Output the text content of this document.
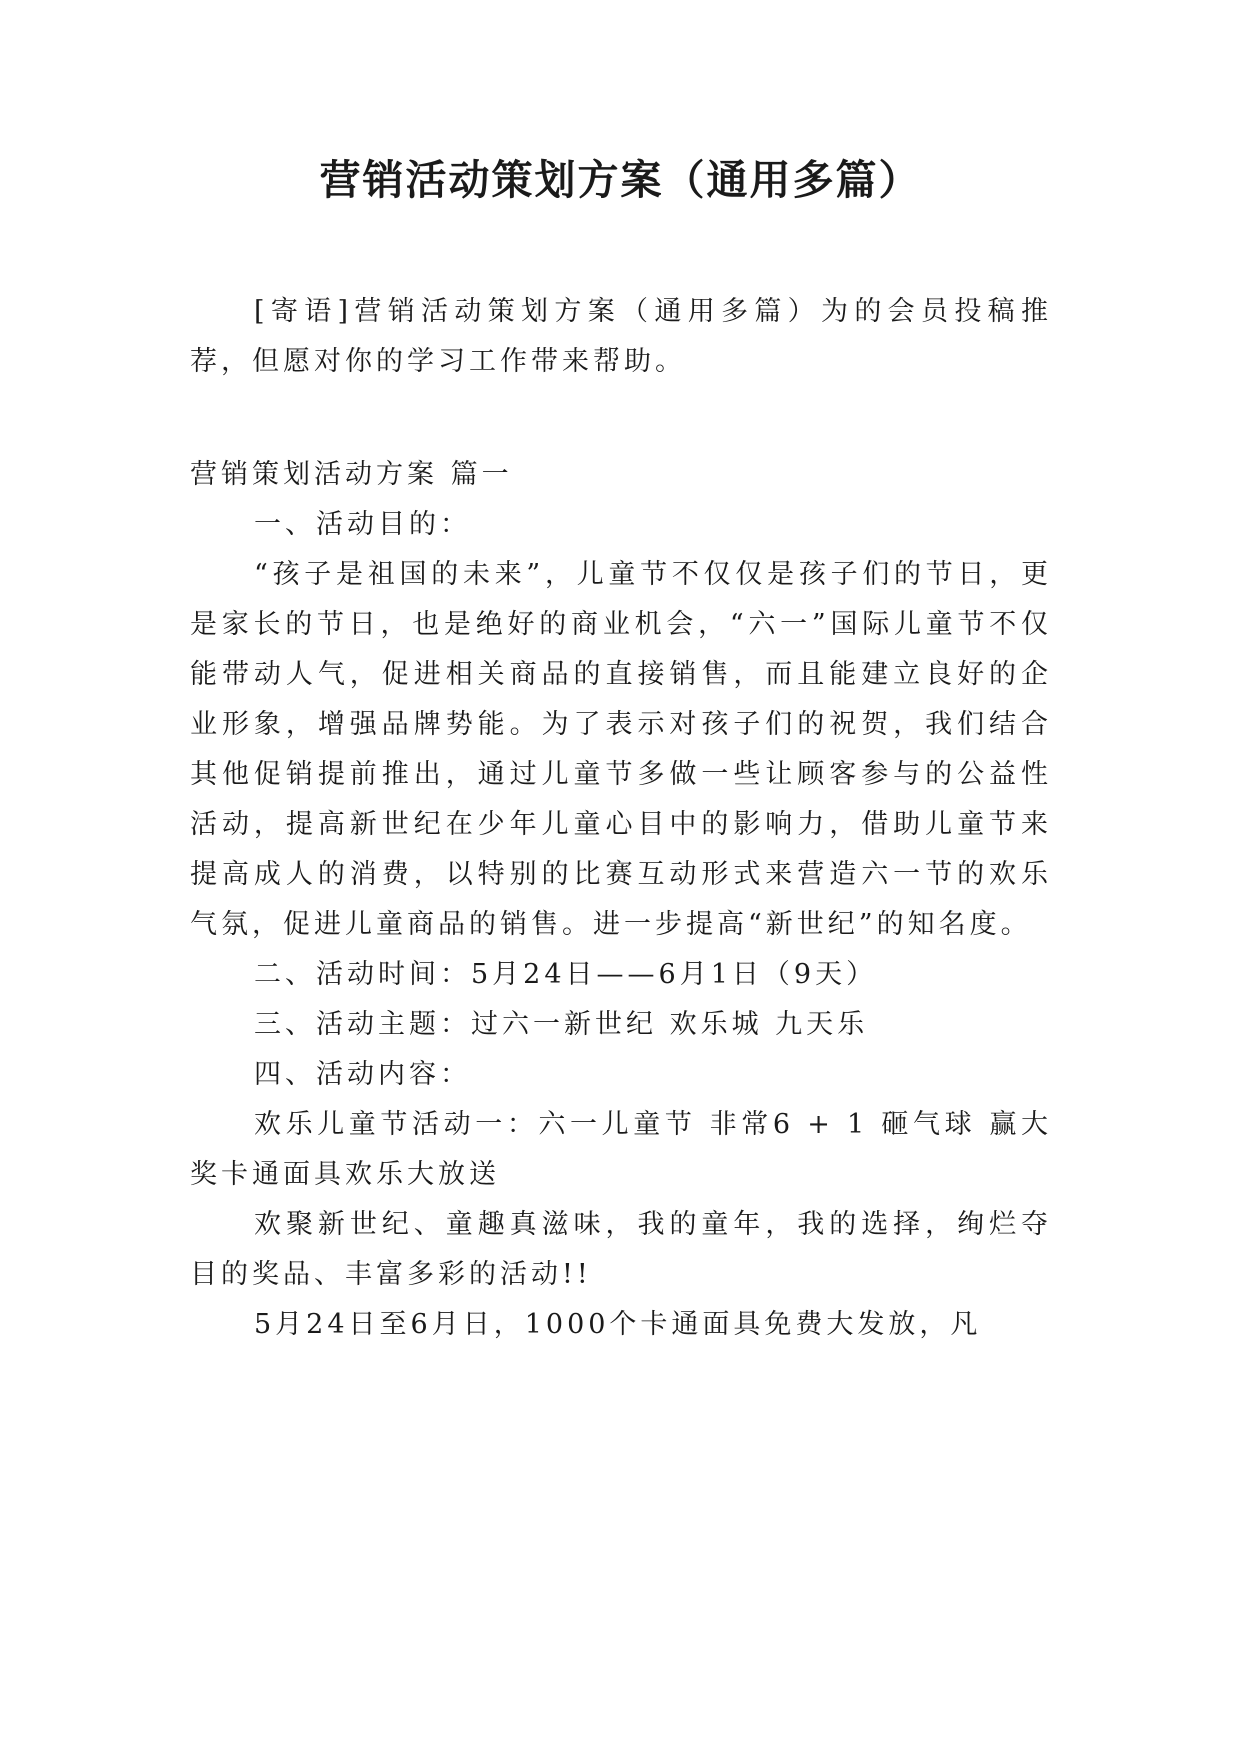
营销活动策划方案（通用多篇）

[寄语]营销活动策划方案（通用多篇）为的会员投稿推荐，但愿对你的学习工作带来帮助。

营销策划活动方案 篇一

一、活动目的：

“孩子是祖国的未来”，儿童节不仅仅是孩子们的节日，更是家长的节日，也是绝好的商业机会，“六一”国际儿童节不仅能带动人气，促进相关商品的直接销售，而且能建立良好的企业形象，增强品牌势能。为了表示对孩子们的祝贺，我们结合其他促销提前推出，通过儿童节多做一些让顾客参与的公益性活动，提高新世纪在少年儿童心目中的影响力，借助儿童节来提高成人的消费，以特别的比赛互动形式来营造六一节的欢乐气氛，促进儿童商品的销售。进一步提高“新世纪”的知名度。

二、活动时间：5月24日——6月1日（9天）

三、活动主题：过六一新世纪 欢乐城 九天乐

四、活动内容：

欢乐儿童节活动一：六一儿童节 非常6 + 1 砸气球 赢大奖卡通面具欢乐大放送

欢聚新世纪、童趣真滋味，我的童年，我的选择，绚烂夺目的奖品、丰富多彩的活动!!

5月24日至6月日，1000个卡通面具免费大发放，凡
